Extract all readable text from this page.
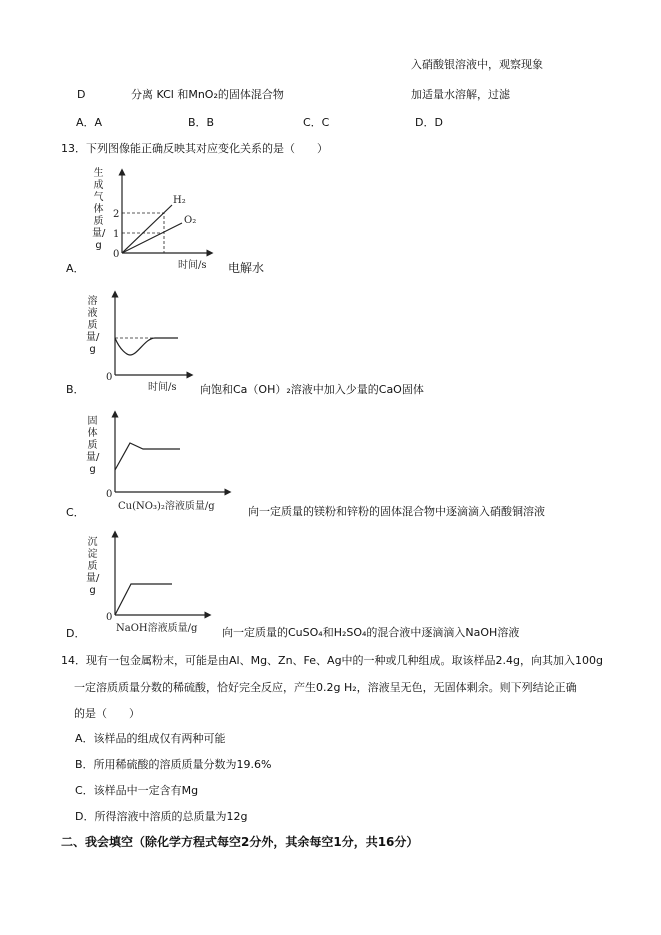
入硝酸银溶液中，观察现象
D	分离 KCl 和MnO₂的固体混合物	加适量水溶解，过滤
A．A	B．B	C．C	D．D
13．下列图像能正确反映其对应变化关系的是（　　）
0
1
2
H₂
O₂
时间/s
0
时间/s
0
Cu(NO₃)₂溶液质量/g
0
NaOH溶液质量/g
生成气体质量/g
溶液质量/g
固体质量/g
沉淀质量/g
A．	电解水
B．	向饱和Ca（OH）₂溶液中加入少量的CaO固体
C．	向一定质量的镁粉和锌粉的固体混合物中逐滴滴入硝酸铜溶液
D．	向一定质量的CuSO₄和H₂SO₄的混合液中逐滴滴入NaOH溶液
14．现有一包金属粉末，可能是由Al、Mg、Zn、Fe、Ag中的一种或几种组成。取该样品2.4g，向其加入100g
一定溶质质量分数的稀硫酸，恰好完全反应，产生0.2g H₂，溶液呈无色，无固体剩余。则下列结论正确
的是（　　）
A．该样品的组成仅有两种可能
B．所用稀硫酸的溶质质量分数为19.6%
C．该样品中一定含有Mg
D．所得溶液中溶质的总质量为12g
二、我会填空（除化学方程式每空2分外，其余每空1分，共16分）
